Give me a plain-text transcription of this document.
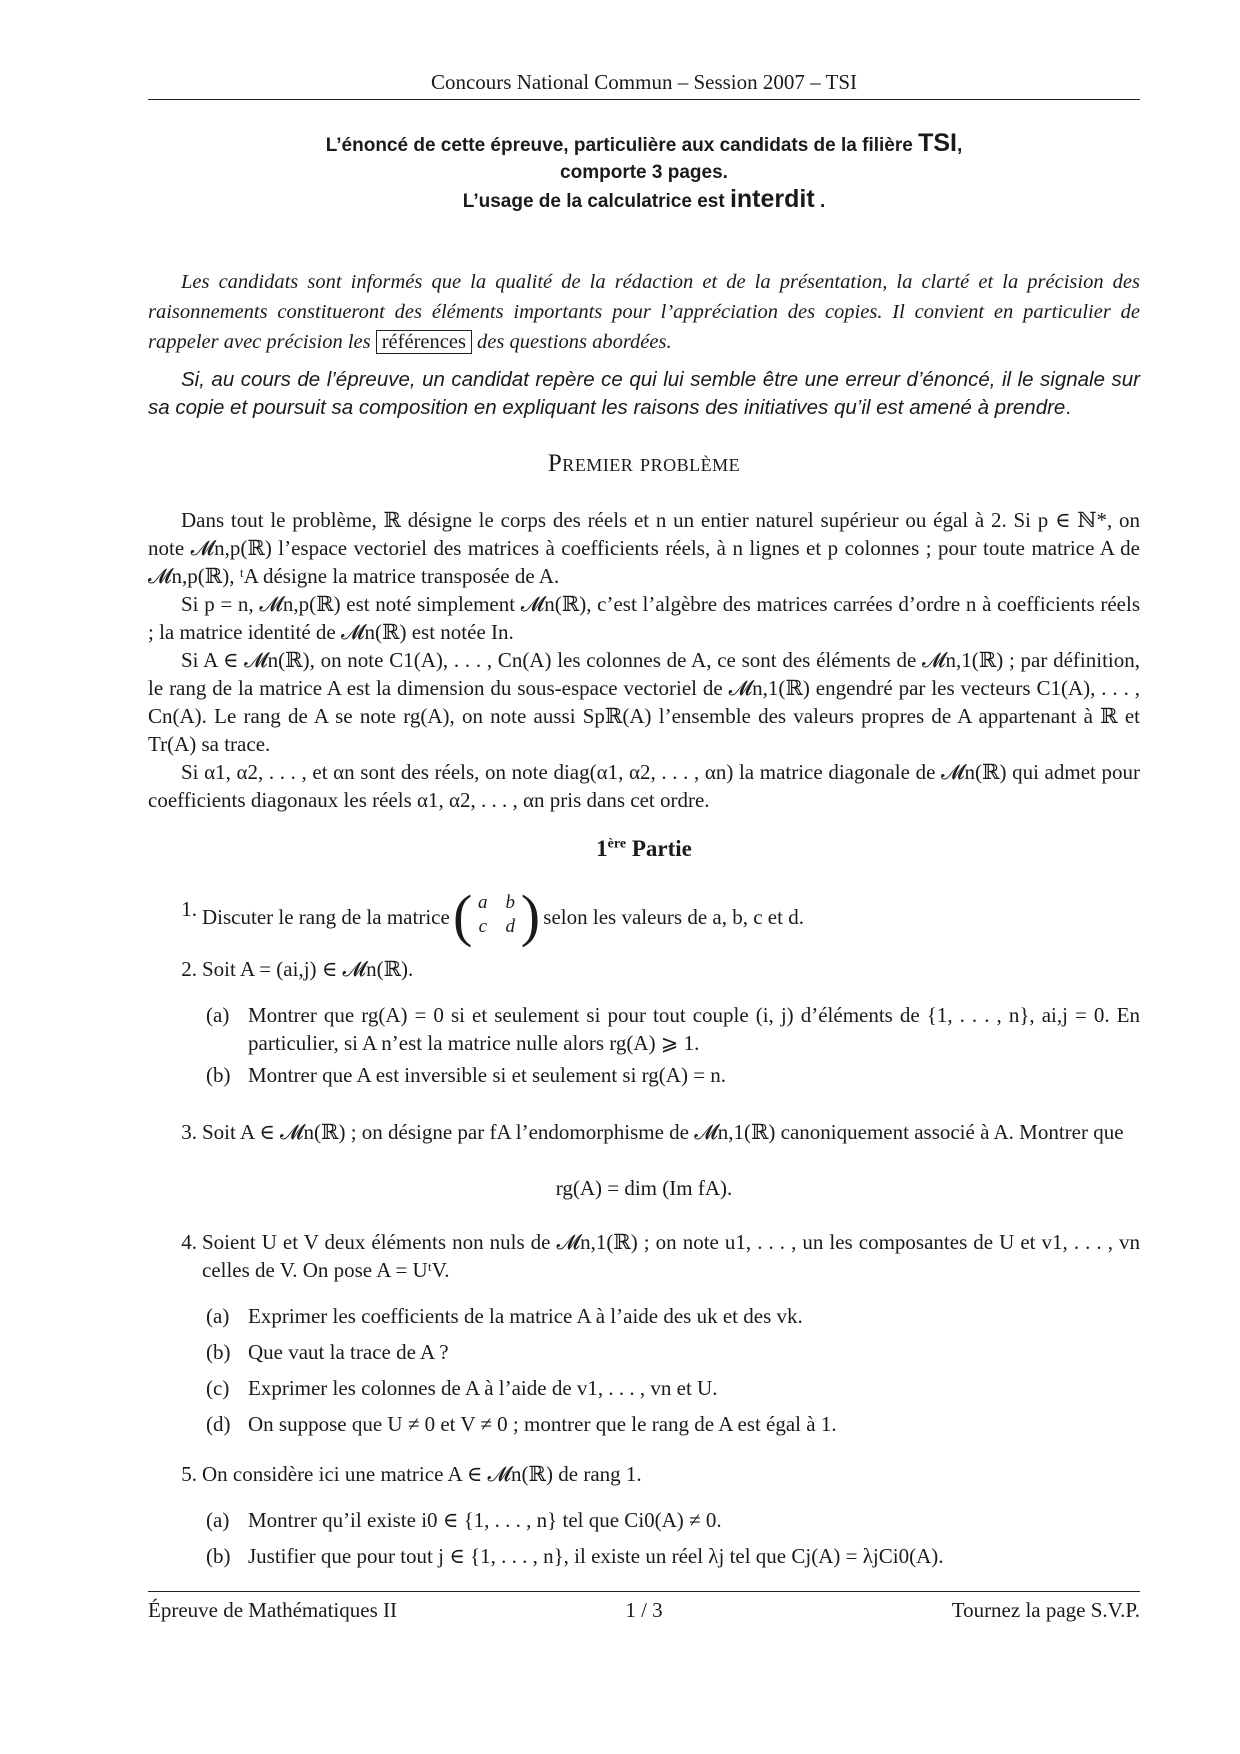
Concours National Commun – Session 2007 – TSI
L’énoncé de cette épreuve, particulière aux candidats de la filière TSI,
comporte 3 pages.
L’usage de la calculatrice est interdit .
Les candidats sont informés que la qualité de la rédaction et de la présentation, la clarté et la précision des raisonnements constitueront des éléments importants pour l’appréciation des copies. Il convient en particulier de rappeler avec précision les références des questions abordées.
Si, au cours de l’épreuve, un candidat repère ce qui lui semble être une erreur d’énoncé, il le signale sur sa copie et poursuit sa composition en expliquant les raisons des initiatives qu’il est amené à prendre.
Premier problème

Dans tout le problème, ℝ désigne le corps des réels et n un entier naturel supérieur ou égal à 2. Si p ∈ ℕ*, on note 𝓜n,p(ℝ) l’espace vectoriel des matrices à coefficients réels, à n lignes et p colonnes ; pour toute matrice A de 𝓜n,p(ℝ), ᵗA désigne la matrice transposée de A.

Si p = n, 𝓜n,p(ℝ) est noté simplement 𝓜n(ℝ), c’est l’algèbre des matrices carrées d’ordre n à coefficients réels ; la matrice identité de 𝓜n(ℝ) est notée In.

Si A ∈ 𝓜n(ℝ), on note C1(A), . . . , Cn(A) les colonnes de A, ce sont des éléments de 𝓜n,1(ℝ) ; par définition, le rang de la matrice A est la dimension du sous-espace vectoriel de 𝓜n,1(ℝ) engendré par les vecteurs C1(A), . . . , Cn(A). Le rang de A se note rg(A), on note aussi Spℝ(A) l’ensemble des valeurs propres de A appartenant à ℝ et Tr(A) sa trace.

Si α1, α2, . . . , et αn sont des réels, on note diag(α1, α2, . . . , αn) la matrice diagonale de 𝓜n(ℝ) qui admet pour coefficients diagonaux les réels α1, α2, . . . , αn pris dans cet ordre.

1ère Partie
1. Discuter le rang de la matrice ( a	b
c	d ) selon les valeurs de a, b, c et d.
2. Soit A = (ai,j) ∈ 𝓜n(ℝ).
(a) Montrer que rg(A) = 0 si et seulement si pour tout couple (i, j) d’éléments de {1, . . . , n}, ai,j = 0. En particulier, si A n’est la matrice nulle alors rg(A) ⩾ 1.
(b) Montrer que A est inversible si et seulement si rg(A) = n.
3. Soit A ∈ 𝓜n(ℝ) ; on désigne par fA l’endomorphisme de 𝓜n,1(ℝ) canoniquement associé à A. Montrer que
rg(A) = dim (Im fA).
4. Soient U et V deux éléments non nuls de 𝓜n,1(ℝ) ; on note u1, . . . , un les composantes de U et v1, . . . , vn celles de V. On pose A = UᵗV.
(a) Exprimer les coefficients de la matrice A à l’aide des uk et des vk.
(b) Que vaut la trace de A ?
(c) Exprimer les colonnes de A à l’aide de v1, . . . , vn et U.
(d) On suppose que U ≠ 0 et V ≠ 0 ; montrer que le rang de A est égal à 1.
5. On considère ici une matrice A ∈ 𝓜n(ℝ) de rang 1.
(a) Montrer qu’il existe i0 ∈ {1, . . . , n} tel que Ci0(A) ≠ 0.
(b) Justifier que pour tout j ∈ {1, . . . , n}, il existe un réel λj tel que Cj(A) = λjCi0(A).
Épreuve de Mathématiques II	1 / 3	Tournez la page S.V.P.
